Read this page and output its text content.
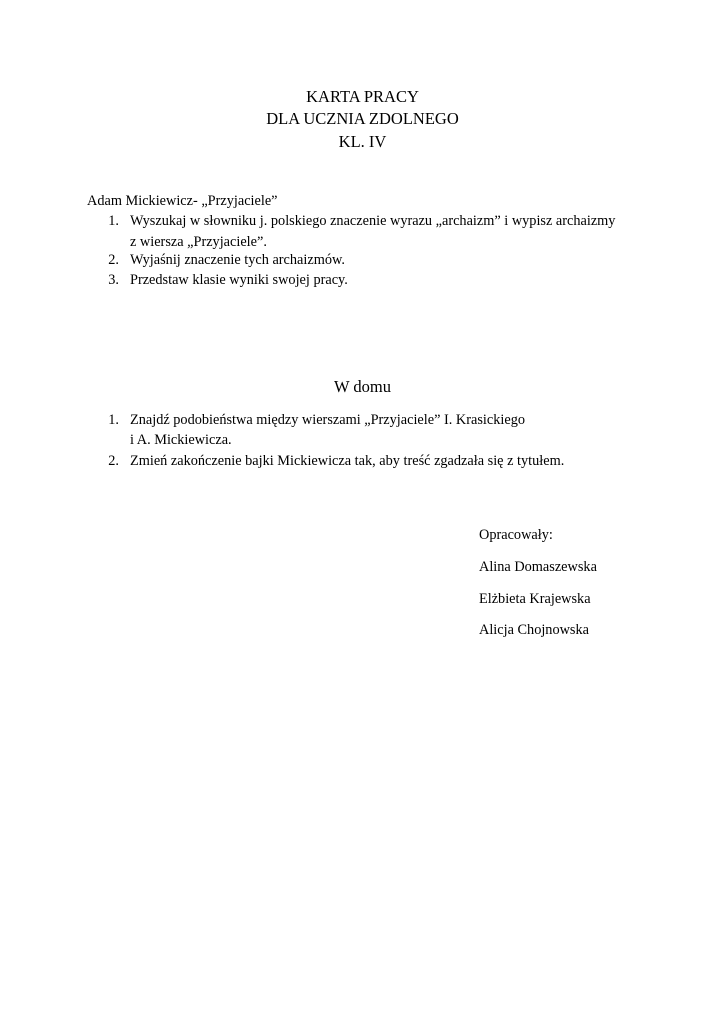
KARTA PRACY
DLA UCZNIA ZDOLNEGO
KL. IV
Adam Mickiewicz- „Przyjaciele”
1. Wyszukaj w słowniku j. polskiego znaczenie wyrazu „archaizm” i wypisz archaizmy
z wiersza „Przyjaciele”.
2. Wyjaśnij znaczenie tych archaizmów.
3. Przedstaw klasie wyniki swojej pracy.
W domu
1. Znajdź podobieństwa między wierszami „Przyjaciele” I. Krasickiego
i A. Mickiewicza.
2. Zmień zakończenie bajki Mickiewicza tak, aby treść zgadzała się z tytułem.
Opracowały:
Alina Domaszewska
Elżbieta Krajewska
Alicja Chojnowska
